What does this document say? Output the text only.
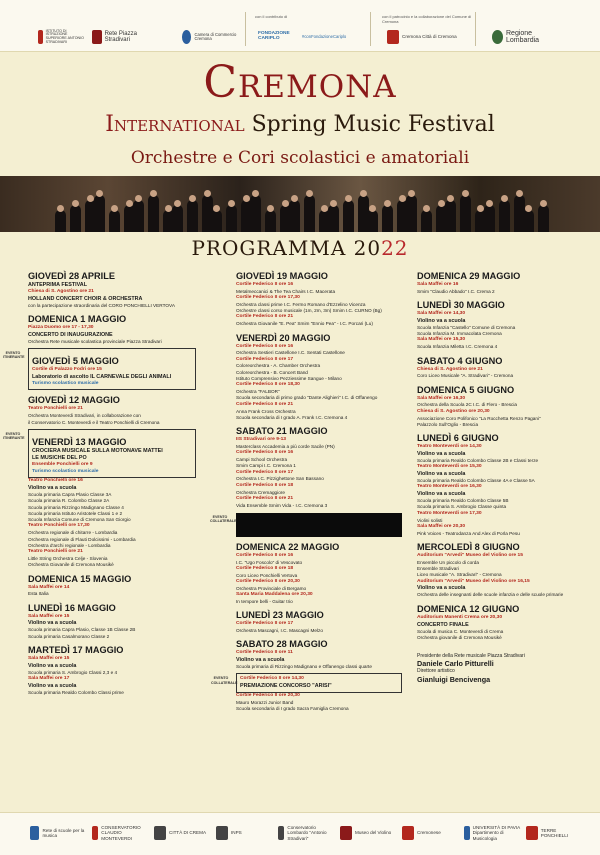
con il contributo di	con il patrocinio e la collaborazione del Comune di Cremona
ISTITUTO DI ISTRUZIONE SUPERIORE ANTONIO STRADIVARI
Rete Piazza Stradivari
Camera di Commercio Cremona
FONDAZIONE CARIPLO	#conFondazioneCariplo	Cremona Città di Cremona	Regione Lombardia
Cremona
International Spring Music Festival
Orchestre e Cori scolastici e amatoriali
PROGRAMMA 2022
GIOVEDÌ 28 APRILE
ANTEPRIMA FESTIVAL
Chiesa di S. Agostino ore 21
HOLLAND CONCERT CHOIR & ORCHESTRA
con la partecipazione straordinaria del CORO PONCHIELLI VERTOVA
DOMENICA 1 MAGGIO
Piazza Duomo ore 17 - 17,30
CONCERTO DI INAUGURAZIONE
Orchestra Rete musicale scolastica provinciale Piazza Stradivari
EVENTO ITINERANTE GIOVEDÌ 5 MAGGIO
Cortile di Palazzo Fodri ore 15
Laboratorio di ascolto IL CARNEVALE DEGLI ANIMALI
Turismo scolastico musicale
GIOVEDÌ 12 MAGGIO
Teatro Ponchielli ore 21
Orchestra Monteverdi Stradivari, in collaborazione con
il Conservatorio C. Monteverdi e il Teatro Ponchielli di Cremona
EVENTO ITINERANTE VENERDÌ 13 MAGGIO
CROCIERA MUSICALE SULLA MOTONAVE MATTEI
LE MUSICHE DEL PO
Ensemble Ponchielli ore 9
Turismo scolastico musicale
Teatro Ponchielli ore 16
Violino va a scuola
Scuola primaria Capra Plasio Classe 3A
Scuola primaria R. Colombo Classe 2A
Scuola primaria Rizzingo Madignano Classe 4
Scuola primaria Istituto Aristotele Classi 1 e 2
Scuola Infanzia Comune di Cremona San Giorgio
Teatro Ponchielli ore 17,30
Orchestra regionale di chitarre - Lombardia
Orchestra regionale di Flauti Dolcissimi - Lombardia
Orchestra d'archi regionale - Lombardia
Teatro Ponchielli ore 21
Little String Orchestra Celje - Slovenia
Orchestra Giovanile di Cremona Mousikè
DOMENICA 15 MAGGIO
Sala Maffei ore 14
Esta Italia
LUNEDÌ 16 MAGGIO
Sala Maffei ore 15
Violino va a scuola
Scuola primaria Capra Plasio, Classe 1B Classe 2B
Scuola primaria Casalmorano Classe 2
MARTEDÌ 17 MAGGIO
Sala Maffei ore 15
Violino va a scuola
Scuola primaria S. Ambrogio Classi 2,3 e 4
Sala Maffei ore 17
Violino va a scuola
Scuola primaria Realdo Colombo Classi prime
GIOVEDÌ 19 MAGGIO
Cortile Federico II ore 16
Metalmeccanici & The Tea Chairs I.C. Macerata
Cortile Federico II ore 17,30
Orchestra classi prime I.C. Fermo Romano d'Ezzelino Vicenza
Orchestre classi corso musicale (1m, 2m, 3m) Smim I.C. CURNO (Bg)
Cortile Federico II ore 21
Orchestra Giovanile "E. Pea" Smim "Ennio Pea" - I.C. Porcari (Lu)
VENERDÌ 20 MAGGIO
Cortile Federico II ore 16
Orchestra Sestieri Castellone I.C. Sentati Castellone
Cortile Federico II ore 17
Coloreorchestra - A. Chamber Orchestra
Coloreorchestra - B. Concert Band
Istituto Comprensivo Pezziessime Sangue - Milano
Cortile Federico II ore 18,30
Orchestra "FALBOR"
Scuola secondaria di primo grado "Dante Alighieri" I.C. di Offanengo
Cortile Federico II ore 21
Anna Frank Cross Orchestra
Scuola secondaria di I grado A. Frank I.C. Cremona 4
SABATO 21 MAGGIO
IIS Stradivari ore 9-13
Masterclass Accademia a più corde Sacile (PN)
Cortile Federico II ore 16
Campi School Orchestra
Smim Campi I.C. Cremona 1
Cortile Federico II ore 17
Orchestra I.C. Pizzighettone San Bassano
Cortile Federico II ore 18
Orchestra Cremaggiore
Cortile Federico II ore 21
Vida Ensemble Smim Vida - I.C. Cremona 3
EVENTO COLLATERALE
DOMENICA 22 MAGGIO
Cortile Federico II ore 16
I.C. "Ugo Foscolo" di Vescovato
Cortile Federico II ore 18
Coro Liceo Ponchielli Vertova
Cortile Federico II ore 20,30
Orchestra Provinciale di Bergamo
Santa Maria Maddalena ore 20,30
In tempore belli - Guitar trio
LUNEDÌ 23 MAGGIO
Cortile Federico II ore 17
Orchestra Mascagni, I.C. Mascagni Melzo
SABATO 28 MAGGIO
Cortile Federico II ore 11
Violino va a scuola
Scuola primaria di Rizzingo Madignano e Offanengo classi quarte
EVENTO COLLATERALE
Cortile Federico II ore 14,30
PREMIAZIONE CONCORSO "ARISI"
Cortile Federico II ore 20,30
Mauro Morazzi Junior Band
Scuola secondaria di I grado Sacra Famiglia Cremona
DOMENICA 29 MAGGIO
Sala Maffei ore 16
Smim "Claudio Abbado" I.C. Crema 2
LUNEDÌ 30 MAGGIO
Sala Maffei ore 14,30
Violino va a scuola
Scuola Infanzia "Castello" Comune di Cremona
Scuola Infanzia M. Immacolata Cremona
Sala Maffei ore 15,30
Scuola Infanzia Miletta I.C. Cremona 4
SABATO 4 GIUGNO
Chiesa di S. Agostino ore 21
Coro Liceo Musicale "A. Stradivari" - Cremona
DOMENICA 5 GIUGNO
Sala Maffei ore 16,30
Orchestra della Scuola 2C I.C. di Flero - Brescia
Chiesa di S. Agostino ore 20,30
Associazione Coro Polifonico "La Rocchetta Renzo Pagani"
Palazzolo Sull'Oglio - Brescia
LUNEDÌ 6 GIUGNO
Teatro Monteverdi ore 14,30
Violino va a scuola
Scuola primaria Realdo Colombo Classe 2B e Classi terze
Teatro Monteverdi ore 15,30
Violino va a scuola
Scuola primaria Realdo Colombo Classe 4A e Classe 5A
Teatro Monteverdi ore 16,30
Violino va a scuola
Scuola primaria Realdo Colombo Classe 5B
Scuola primaria S. Ambrogio Classe quinta
Teatro Monteverdi ore 17,30
Violini solisti
Sala Maffei ore 20,30
Pink Voices - Teatrodanza And Alex di Porla Pesu
MERCOLEDÌ 8 GIUGNO
Auditorium "Arvedi" Museo del Violino ore 15
Ensemble Un piccolo di corda
Ensemble Stradivari
Liceo musicale "A. Stradivari" - Cremona
Auditorium "Arvedi" Museo del Violino ore 16,15
Violino va a scuola
Orchestra delle insegnanti delle scuole infanzia e delle scuole primarie
DOMENICA 12 GIUGNO
Auditorium Manenti Crema ore 20,30
CONCERTO FINALE
Scuola di musica C. Monteverdi di Crema
Orchestra giovanile di Cremona Mousikè
Presidente della Rete musicale Piazza Stradivari
Daniele Carlo Pitturelli
Direttore artistico
Gianluigi Bencivenga
Rete di scuole per la musica
CONSERVATORIO CLAUDIO MONTEVERDI
CITTÀ DI CREMA	INPS
Conservatorio Lombardo "Antonio Stradivari"
Museo del Violino	Cremonese
UNIVERSITÀ DI PAVIA Dipartimento di Musicologia
TERRE PONCHIELLI
